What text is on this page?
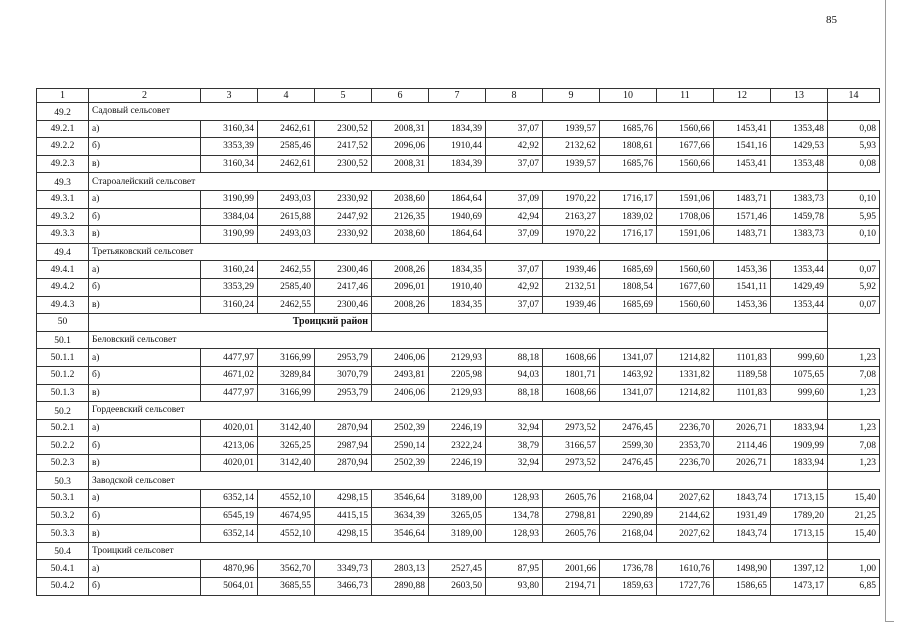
85
1	2	3	4	5	6	7	8	9	10	11	12	13	14
49.2	Садовый сельсовет												
49.2.1	а)	3160,34	2462,61	2300,52	2008,31	1834,39	37,07	1939,57	1685,76	1560,66	1453,41	1353,48	0,08
49.2.2	б)	3353,39	2585,46	2417,52	2096,06	1910,44	42,92	2132,62	1808,61	1677,66	1541,16	1429,53	5,93
49.2.3	в)	3160,34	2462,61	2300,52	2008,31	1834,39	37,07	1939,57	1685,76	1560,66	1453,41	1353,48	0,08
49.3	Староалейский сельсовет												
49.3.1	а)	3190,99	2493,03	2330,92	2038,60	1864,64	37,09	1970,22	1716,17	1591,06	1483,71	1383,73	0,10
49.3.2	б)	3384,04	2615,88	2447,92	2126,35	1940,69	42,94	2163,27	1839,02	1708,06	1571,46	1459,78	5,95
49.3.3	в)	3190,99	2493,03	2330,92	2038,60	1864,64	37,09	1970,22	1716,17	1591,06	1483,71	1383,73	0,10
49.4	Третьяковский сельсовет												
49.4.1	а)	3160,24	2462,55	2300,46	2008,26	1834,35	37,07	1939,46	1685,69	1560,60	1453,36	1353,44	0,07
49.4.2	б)	3353,29	2585,40	2417,46	2096,01	1910,40	42,92	2132,51	1808,54	1677,60	1541,11	1429,49	5,92
49.4.3	в)	3160,24	2462,55	2300,46	2008,26	1834,35	37,07	1939,46	1685,69	1560,60	1453,36	1353,44	0,07
50	Троицкий район												
50.1	Беловский сельсовет												
50.1.1	а)	4477,97	3166,99	2953,79	2406,06	2129,93	88,18	1608,66	1341,07	1214,82	1101,83	999,60	1,23
50.1.2	б)	4671,02	3289,84	3070,79	2493,81	2205,98	94,03	1801,71	1463,92	1331,82	1189,58	1075,65	7,08
50.1.3	в)	4477,97	3166,99	2953,79	2406,06	2129,93	88,18	1608,66	1341,07	1214,82	1101,83	999,60	1,23
50.2	Гордеевский сельсовет												
50.2.1	а)	4020,01	3142,40	2870,94	2502,39	2246,19	32,94	2973,52	2476,45	2236,70	2026,71	1833,94	1,23
50.2.2	б)	4213,06	3265,25	2987,94	2590,14	2322,24	38,79	3166,57	2599,30	2353,70	2114,46	1909,99	7,08
50.2.3	в)	4020,01	3142,40	2870,94	2502,39	2246,19	32,94	2973,52	2476,45	2236,70	2026,71	1833,94	1,23
50.3	Заводской сельсовет												
50.3.1	а)	6352,14	4552,10	4298,15	3546,64	3189,00	128,93	2605,76	2168,04	2027,62	1843,74	1713,15	15,40
50.3.2	б)	6545,19	4674,95	4415,15	3634,39	3265,05	134,78	2798,81	2290,89	2144,62	1931,49	1789,20	21,25
50.3.3	в)	6352,14	4552,10	4298,15	3546,64	3189,00	128,93	2605,76	2168,04	2027,62	1843,74	1713,15	15,40
50.4	Троицкий сельсовет												
50.4.1	а)	4870,96	3562,70	3349,73	2803,13	2527,45	87,95	2001,66	1736,78	1610,76	1498,90	1397,12	1,00
50.4.2	б)	5064,01	3685,55	3466,73	2890,88	2603,50	93,80	2194,71	1859,63	1727,76	1586,65	1473,17	6,85
